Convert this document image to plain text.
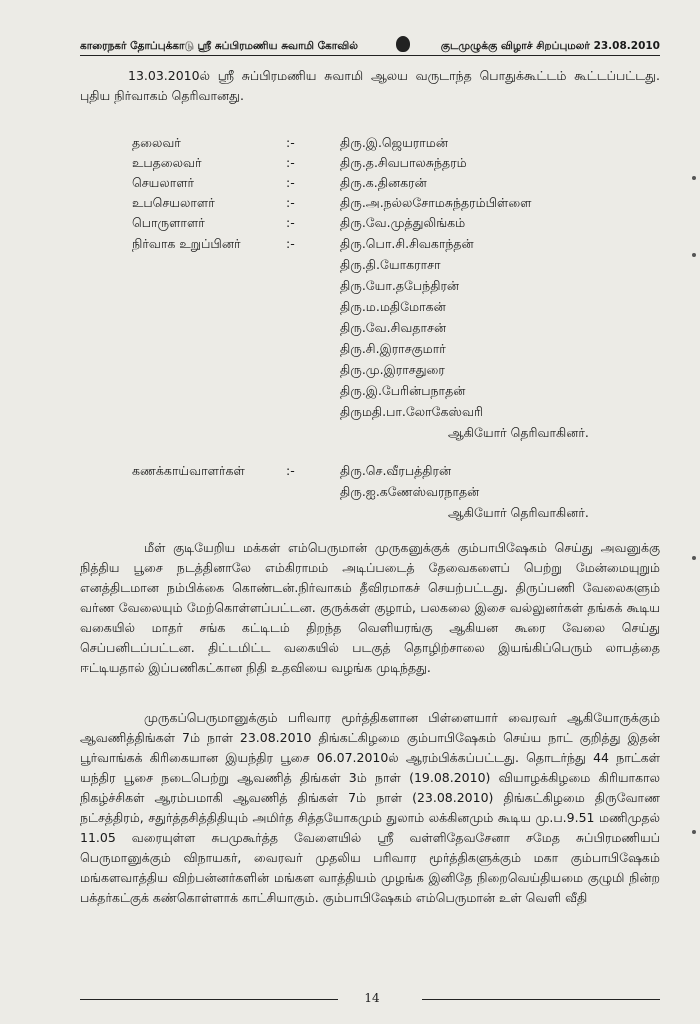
காரைநகர் தோப்புக்காடு ஸ்ரீ சுப்பிரமணிய சுவாமி கோவில்	குடமுழுக்கு விழாச் சிறப்புமலர் 23.08.2010
13.03.2010ல் ஸ்ரீ சுப்பிரமணிய சுவாமி ஆலய வருடாந்த பொதுக்கூட்டம் கூட்டப்பட்டது. புதிய நிர்வாகம் தெரிவானது.
தலைவர்	:-	திரு.இ.ஜெயராமன்
உபதலைவர்	:-	திரு.த.சிவபாலசுந்தரம்
செயலாளர்	:-	திரு.க.தினகரன்
உபசெயலாளர்	:-	திரு.அ.நல்லசோமசுந்தரம்பிள்ளை
பொருளாளர்	:-	திரு.வே.முத்துலிங்கம்
நிர்வாக உறுப்பினர்	:-	திரு.பொ.சி.சிவகாந்தன்
திரு.தி.யோகராசா
திரு.யோ.தபேந்திரன்
திரு.ம.மதிமோகன்
திரு.வே.சிவதாசன்
திரு.சி.இராசகுமார்
திரு.மு.இராசதுரை
திரு.இ.பேரின்பநாதன்
திருமதி.பா.லோகேஸ்வரி
ஆகியோர் தெரிவாகினர்.
கணக்காய்வாளர்கள்	:-	திரு.செ.வீரபத்திரன்
திரு.ஐ.கணேஸ்வரநாதன்
ஆகியோர் தெரிவாகினர்.
மீள் குடியேறிய மக்கள் எம்பெருமான் முருகனுக்குக் கும்பாபிஷேகம் செய்து அவனுக்கு நித்திய பூசை நடத்தினாலே எம்கிராமம் அடிப்படைத் தேவைகளைப் பெற்று மேன்மையுறும் எனத்திடமான நம்பிக்கை கொண்டன்.நிர்வாகம் தீவிரமாகச் செயற்பட்டது. திருப்பணி வேலைகளும் வர்ண வேலையும் மேற்கொள்ளப்பட்டன. குருக்கள் குழாம், பலகலை இசை வல்லுனர்கள் தங்கக் கூடிய வகையில் மாதர் சங்க கட்டிடம் திறந்த வெளியரங்கு ஆகியன கூரை வேலை செய்து செப்பனிடப்பட்டன. திட்டமிட்ட வகையில் படகுத் தொழிற்சாலை இயங்கிப்பெரும் லாபத்தை ஈட்டியதால் இப்பணிகட்கான நிதி உதவியை வழங்க முடிந்தது.
முருகப்பெருமானுக்கும் பரிவார மூர்த்திகளான பிள்ளையார் வைரவர் ஆகியோருக்கும் ஆவணித்திங்கள் 7ம் நாள் 23.08.2010 திங்கட்கிழமை கும்பாபிஷேகம் செய்ய நாட் குறித்து இதன் பூர்வாங்கக் கிரிகையான இயந்திர பூசை 06.07.2010ல் ஆரம்பிக்கப்பட்டது. தொடர்ந்து 44 நாட்கள் யந்திர பூசை நடைபெற்று ஆவணித் திங்கள் 3ம் நாள் (19.08.2010) வியாழக்கிழமை கிரியாகால நிகழ்ச்சிகள் ஆரம்பமாகி ஆவணித் திங்கள் 7ம் நாள் (23.08.2010) திங்கட்கிழமை திருவோண நட்சத்திரம், சதுர்த்தசித்திதியும் அமிர்த சித்தயோகமும் துலாம் லக்கினமும் கூடிய மு.ப.9.51 மணிமுதல் 11.05 வரையுள்ள சுபமுகூர்த்த வேளையில் ஸ்ரீ வள்ளிதேவசேனா சமேத சுப்பிரமணியப் பெருமானுக்கும் விநாயகர், வைரவர் முதலிய பரிவார மூர்த்திகளுக்கும் மகா கும்பாபிஷேகம் மங்களவாத்திய விற்பன்னர்களின் மங்கள வாத்தியம் முழங்க இனிதே நிறைவெய்தியமை குழுமி நின்ற பக்தர்கட்குக் கண்கொள்ளாக் காட்சியாகும். கும்பாபிஷேகம் எம்பெருமான் உள் வெளி வீதி
14
